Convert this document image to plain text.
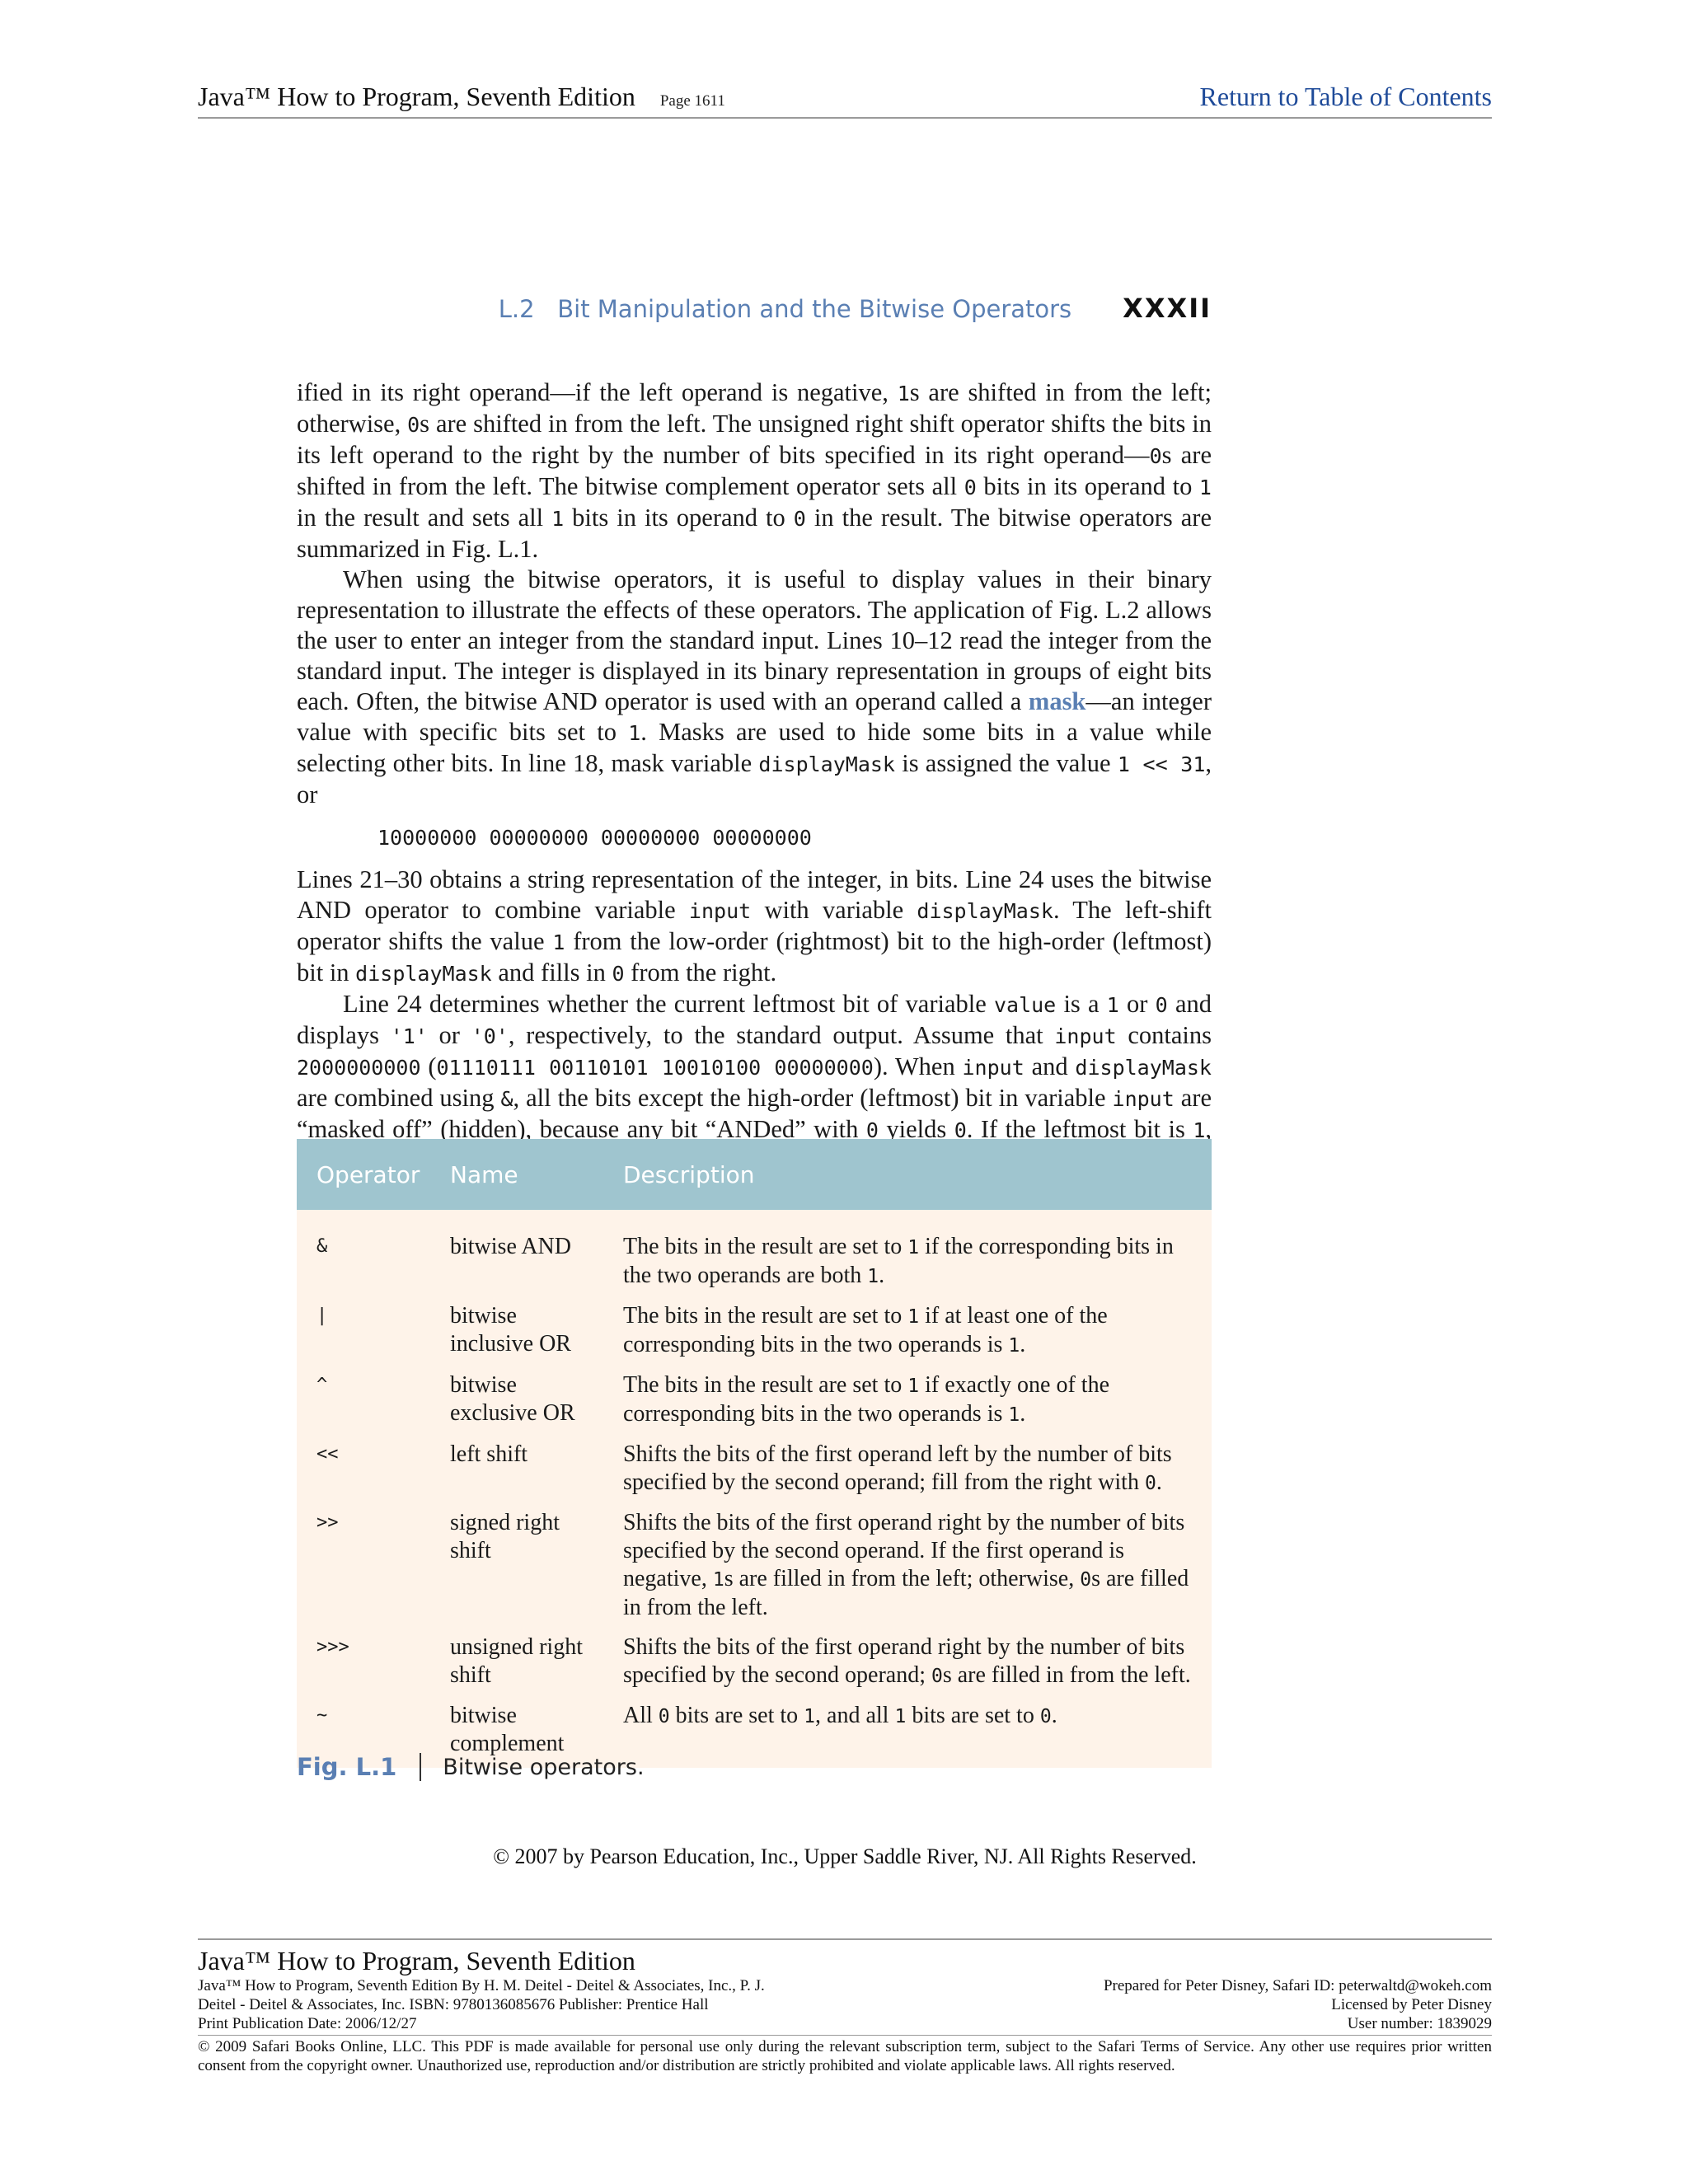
Java™ How to Program, Seventh Edition Page 1611	Return to Table of Contents
L.2   Bit Manipulation and the Bitwise Operators XXXII

ified in its right operand—if the left operand is negative, 1s are shifted in from the left; otherwise, 0s are shifted in from the left. The unsigned right shift operator shifts the bits in its left operand to the right by the number of bits specified in its right operand—0s are shifted in from the left. The bitwise complement operator sets all 0 bits in its operand to 1 in the result and sets all 1 bits in its operand to 0 in the result. The bitwise operators are summarized in Fig. L.1.

When using the bitwise operators, it is useful to display values in their binary representation to illustrate the effects of these operators. The application of Fig. L.2 allows the user to enter an integer from the standard input. Lines 10–12 read the integer from the standard input. The integer is displayed in its binary representation in groups of eight bits each. Often, the bitwise AND operator is used with an operand called a mask—an integer value with specific bits set to 1. Masks are used to hide some bits in a value while selecting other bits. In line 18, mask variable displayMask is assigned the value 1 << 31, or

10000000 00000000 00000000 00000000

Lines 21–30 obtains a string representation of the integer, in bits. Line 24 uses the bitwise AND operator to combine variable input with variable displayMask. The left-shift operator shifts the value 1 from the low-order (rightmost) bit to the high-order (leftmost) bit in displayMask and fills in 0 from the right.

Line 24 determines whether the current leftmost bit of variable value is a 1 or 0 and displays '1' or '0', respectively, to the standard output. Assume that input contains 2000000000 (01110111 00110101 10010100 00000000). When input and displayMask are combined using &, all the bits except the high-order (leftmost) bit in variable input are “masked off” (hidden), because any bit “ANDed” with 0 yields 0. If the leftmost bit is 1, the

Operator	Name	Description
&	bitwise AND	The bits in the result are set to 1 if the corresponding bits in the two operands are both 1.
|	bitwise inclusive OR	The bits in the result are set to 1 if at least one of the corresponding bits in the two operands is 1.
^	bitwise exclusive OR	The bits in the result are set to 1 if exactly one of the corresponding bits in the two operands is 1.
<<	left shift	Shifts the bits of the first operand left by the number of bits specified by the second operand; fill from the right with 0.
>>	signed right shift	Shifts the bits of the first operand right by the number of bits specified by the second operand. If the first operand is negative, 1s are filled in from the left; otherwise, 0s are filled in from the left.
>>>	unsigned right shift	Shifts the bits of the first operand right by the number of bits specified by the second operand; 0s are filled in from the left.
~	bitwise complement	All 0 bits are set to 1, and all 1 bits are set to 0.
Fig. L.1 Bitwise operators.
© 2007 by Pearson Education, Inc., Upper Saddle River, NJ. All Rights Reserved.
Java™ How to Program, Seventh Edition
Java™ How to Program, Seventh Edition By H. M. Deitel - Deitel & Associates, Inc., P. J.
Deitel - Deitel & Associates, Inc. ISBN: 9780136085676 Publisher: Prentice Hall
Print Publication Date: 2006/12/27
Prepared for Peter Disney, Safari ID: peterwaltd@wokeh.com
Licensed by Peter Disney
User number: 1839029
© 2009 Safari Books Online, LLC. This PDF is made available for personal use only during the relevant subscription term, subject to the Safari Terms of Service. Any other use requires prior written consent from the copyright owner. Unauthorized use, reproduction and/or distribution are strictly prohibited and violate applicable laws. All rights reserved.
